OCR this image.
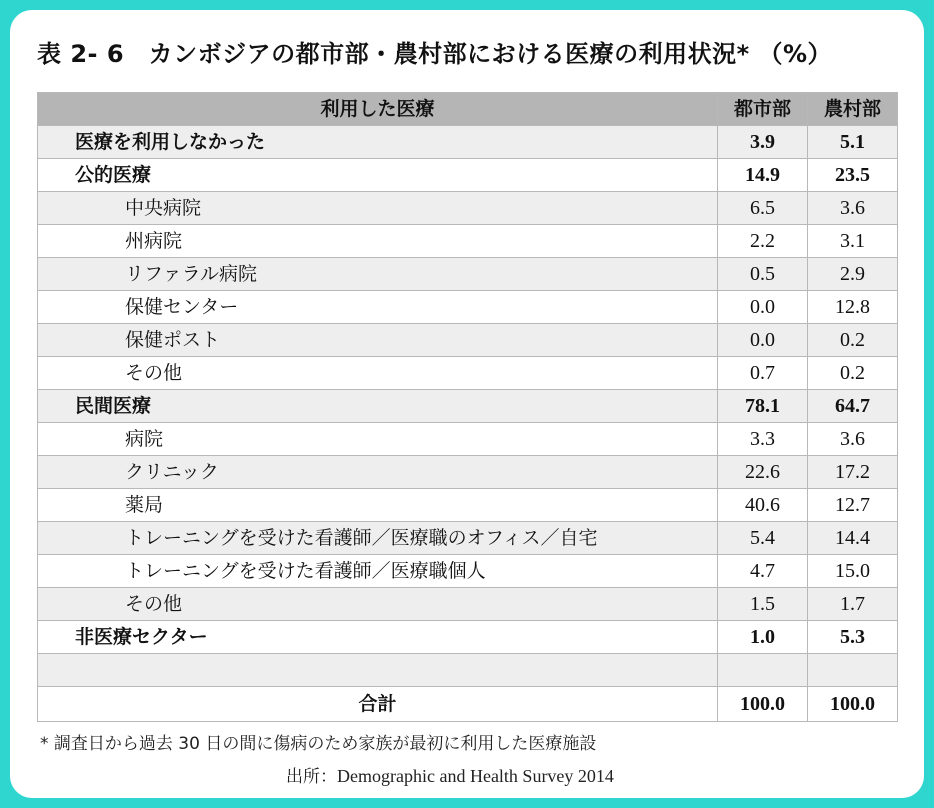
表 2- 6　カンボジアの都市部・農村部における医療の利用状況* （%）
利用した医療	都市部	農村部
医療を利用しなかった	3.9	5.1
公的医療	14.9	23.5
中央病院	6.5	3.6
州病院	2.2	3.1
リファラル病院	0.5	2.9
保健センター	0.0	12.8
保健ポスト	0.0	0.2
その他	0.7	0.2
民間医療	78.1	64.7
病院	3.3	3.6
クリニック	22.6	17.2
薬局	40.6	12.7
トレーニングを受けた看護師／医療職のオフィス／自宅	5.4	14.4
トレーニングを受けた看護師／医療職個人	4.7	15.0
その他	1.5	1.7
非医療セクター	1.0	5.3

合計	100.0	100.0
* 調査日から過去 30 日の間に傷病のため家族が最初に利用した医療施設
出所：Demographic and Health Survey 2014
